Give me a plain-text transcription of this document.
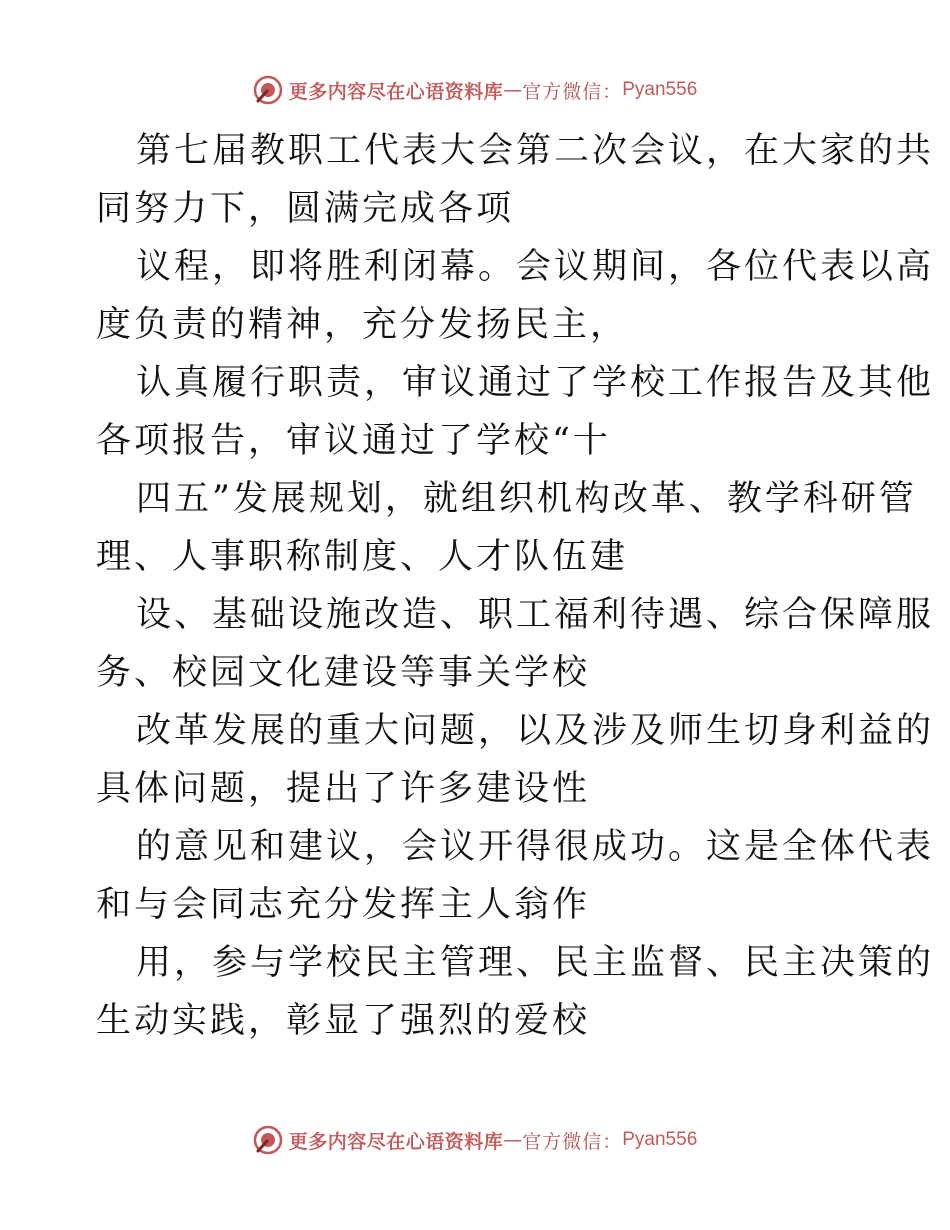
更多内容尽在心语资料库 — 官方微信： Pyan556
第七届教职工代表大会第二次会议，在大家的共
同努力下，圆满完成各项
议程，即将胜利闭幕。会议期间，各位代表以高
度负责的精神，充分发扬民主，
认真履行职责，审议通过了学校工作报告及其他
各项报告，审议通过了学校“十
四五”发展规划，就组织机构改革、教学科研管
理、人事职称制度、人才队伍建
设、基础设施改造、职工福利待遇、综合保障服
务、校园文化建设等事关学校
改革发展的重大问题，以及涉及师生切身利益的
具体问题，提出了许多建设性
的意见和建议，会议开得很成功。这是全体代表
和与会同志充分发挥主人翁作
用，参与学校民主管理、民主监督、民主决策的
生动实践，彰显了强烈的爱校
更多内容尽在心语资料库 — 官方微信： Pyan556
